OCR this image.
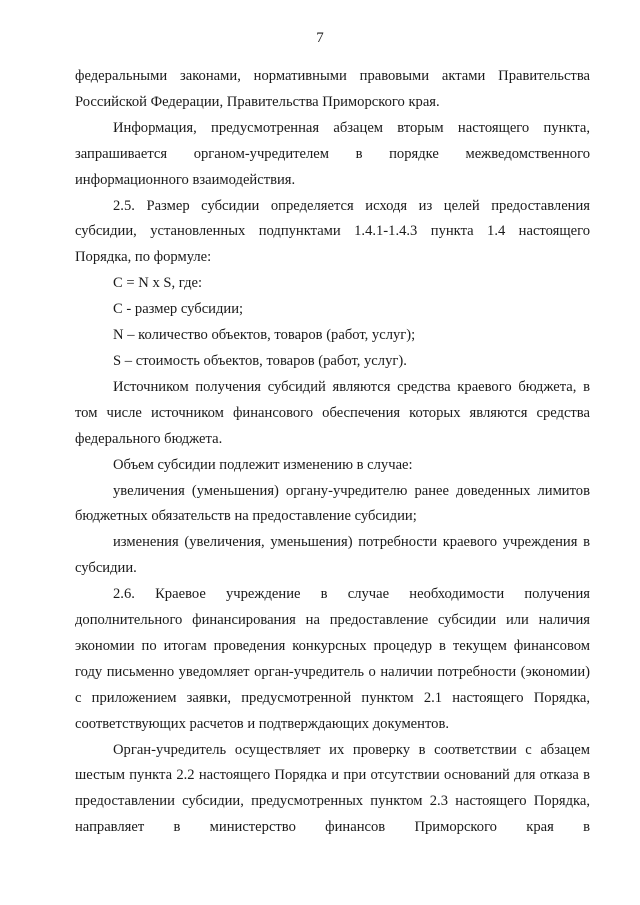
7

федеральными законами, нормативными правовыми актами Правительства Российской Федерации, Правительства Приморского края.

Информация, предусмотренная абзацем вторым настоящего пункта, запрашивается органом-учредителем в порядке межведомственного информационного взаимодействия.

2.5. Размер субсидии определяется исходя из целей предоставления субсидии, установленных подпунктами 1.4.1-1.4.3 пункта 1.4 настоящего Порядка, по формуле:

C = N x S, где:

C - размер субсидии;

N – количество объектов, товаров (работ, услуг);

S – стоимость объектов, товаров (работ, услуг).

Источником получения субсидий являются средства краевого бюджета, в том числе источником финансового обеспечения которых являются средства федерального бюджета.

Объем субсидии подлежит изменению в случае:

увеличения (уменьшения) органу-учредителю ранее доведенных лимитов бюджетных обязательств на предоставление субсидии;

изменения (увеличения, уменьшения) потребности краевого учреждения в субсидии.

2.6. Краевое учреждение в случае необходимости получения дополнительного финансирования на предоставление субсидии или наличия экономии по итогам проведения конкурсных процедур в текущем финансовом году письменно уведомляет орган-учредитель о наличии потребности (экономии) с приложением заявки, предусмотренной пунктом 2.1 настоящего Порядка, соответствующих расчетов и подтверждающих документов.

Орган-учредитель осуществляет их проверку в соответствии с абзацем шестым пункта 2.2 настоящего Порядка и при отсутствии оснований для отказа в предоставлении субсидии, предусмотренных пунктом 2.3 настоящего Порядка, направляет в министерство финансов Приморского края в
